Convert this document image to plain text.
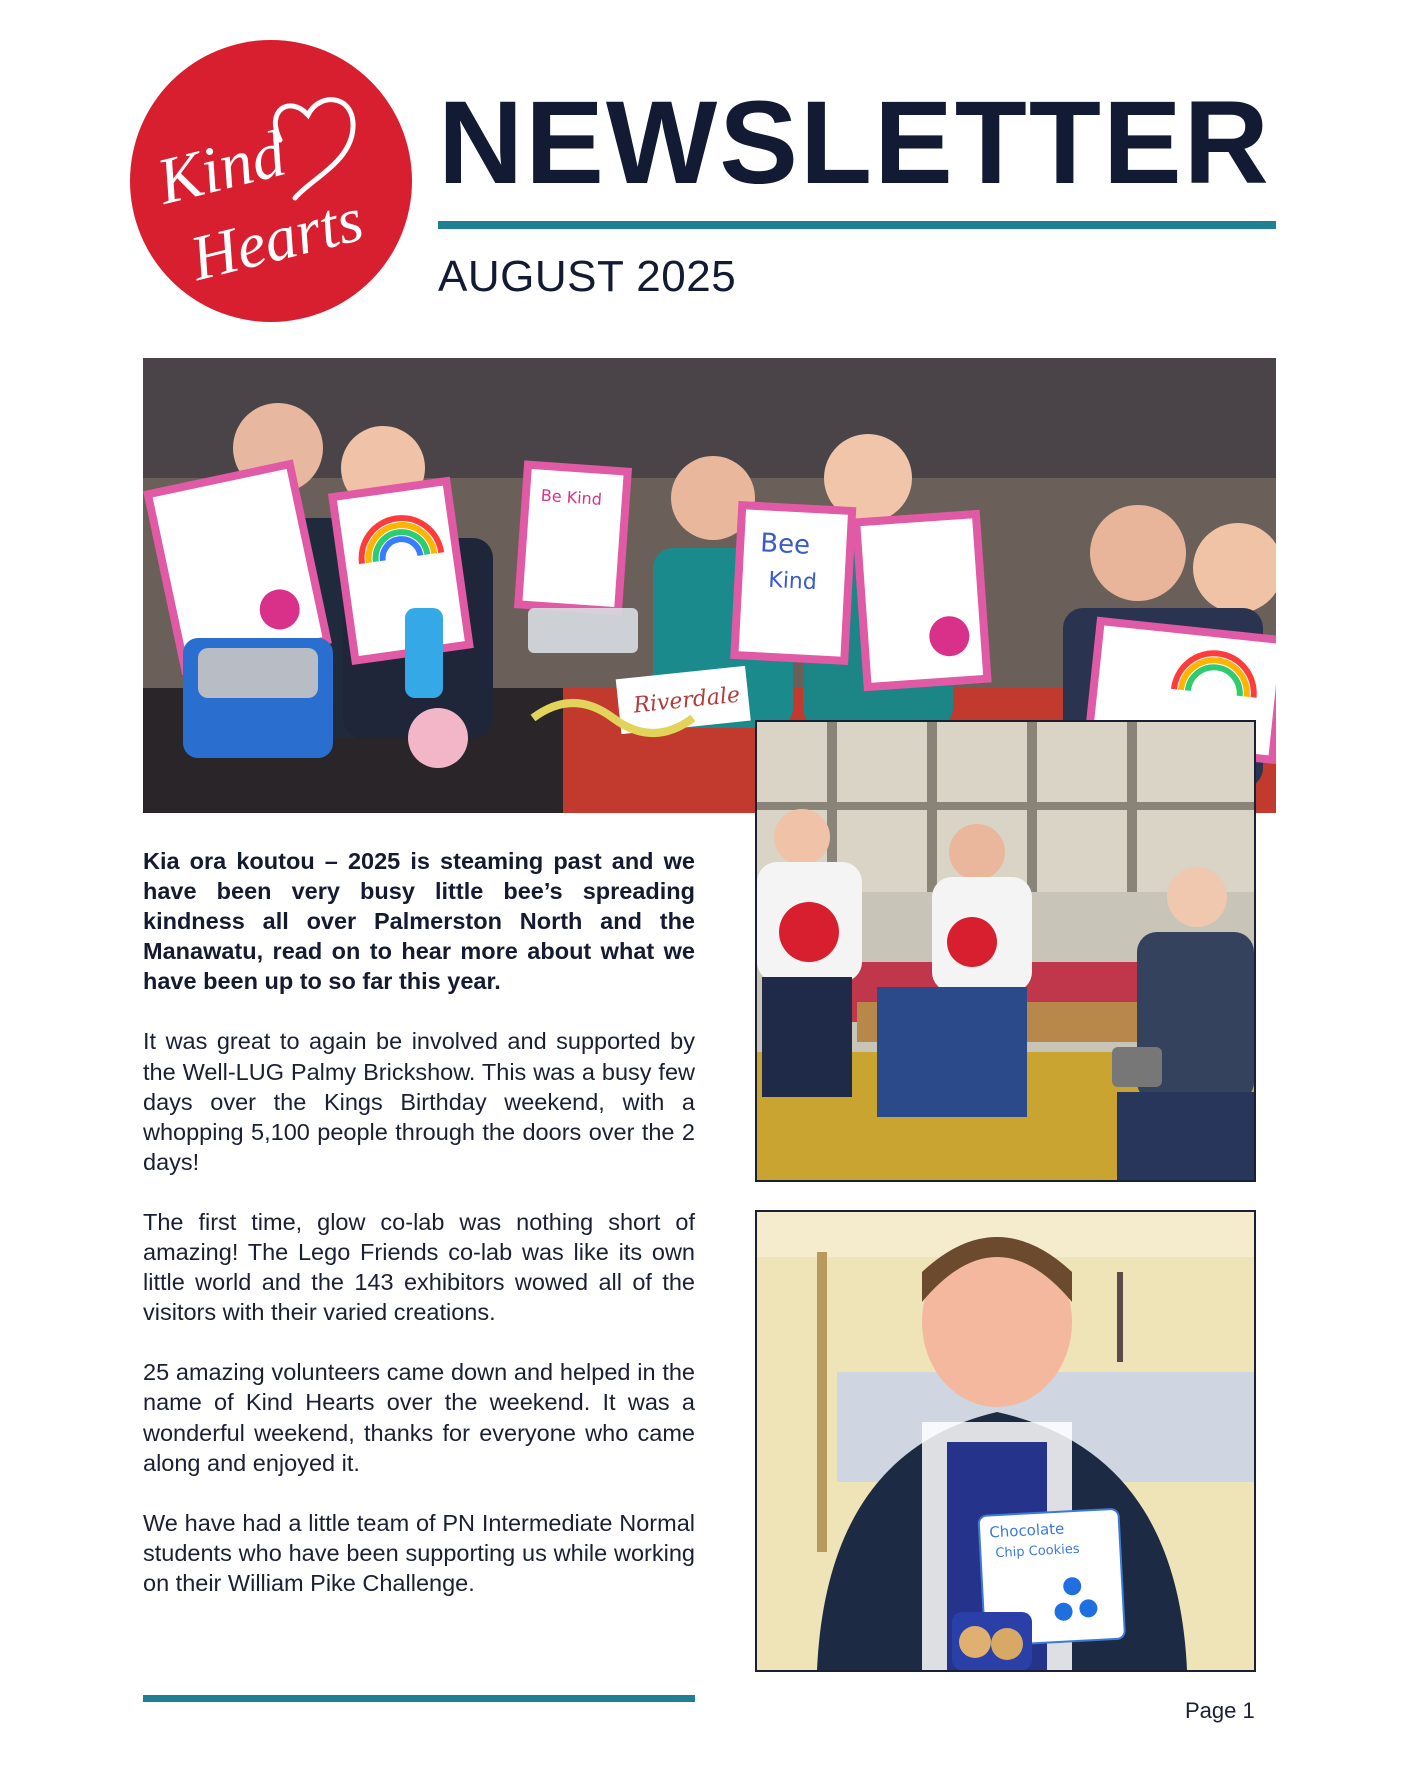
Kind
Hearts
NEWSLETTER
AUGUST 2025
Be Kind
Bee
Kind
Riverdale

Kia ora koutou – 2025 is steaming past and we have been very busy little bee’s spreading kindness all over Palmerston North and the Manawatu, read on to hear more about what we have been up to so far this year.

It was great to again be involved and supported by the Well-LUG Palmy Brickshow. This was a busy few days over the Kings Birthday weekend, with a whopping 5,100 people through the doors over the 2 days!

The first time, glow co-lab was nothing short of amazing! The Lego Friends co-lab was like its own little world and the 143 exhibitors wowed all of the visitors with their varied creations.

25 amazing volunteers came down and helped in the name of Kind Hearts over the weekend. It was a wonderful weekend, thanks for everyone who came along and enjoyed it.

We have had a little team of PN Intermediate Normal students who have been supporting us while working on their William Pike Challenge.

Chocolate
Chip Cookies
Page 1
